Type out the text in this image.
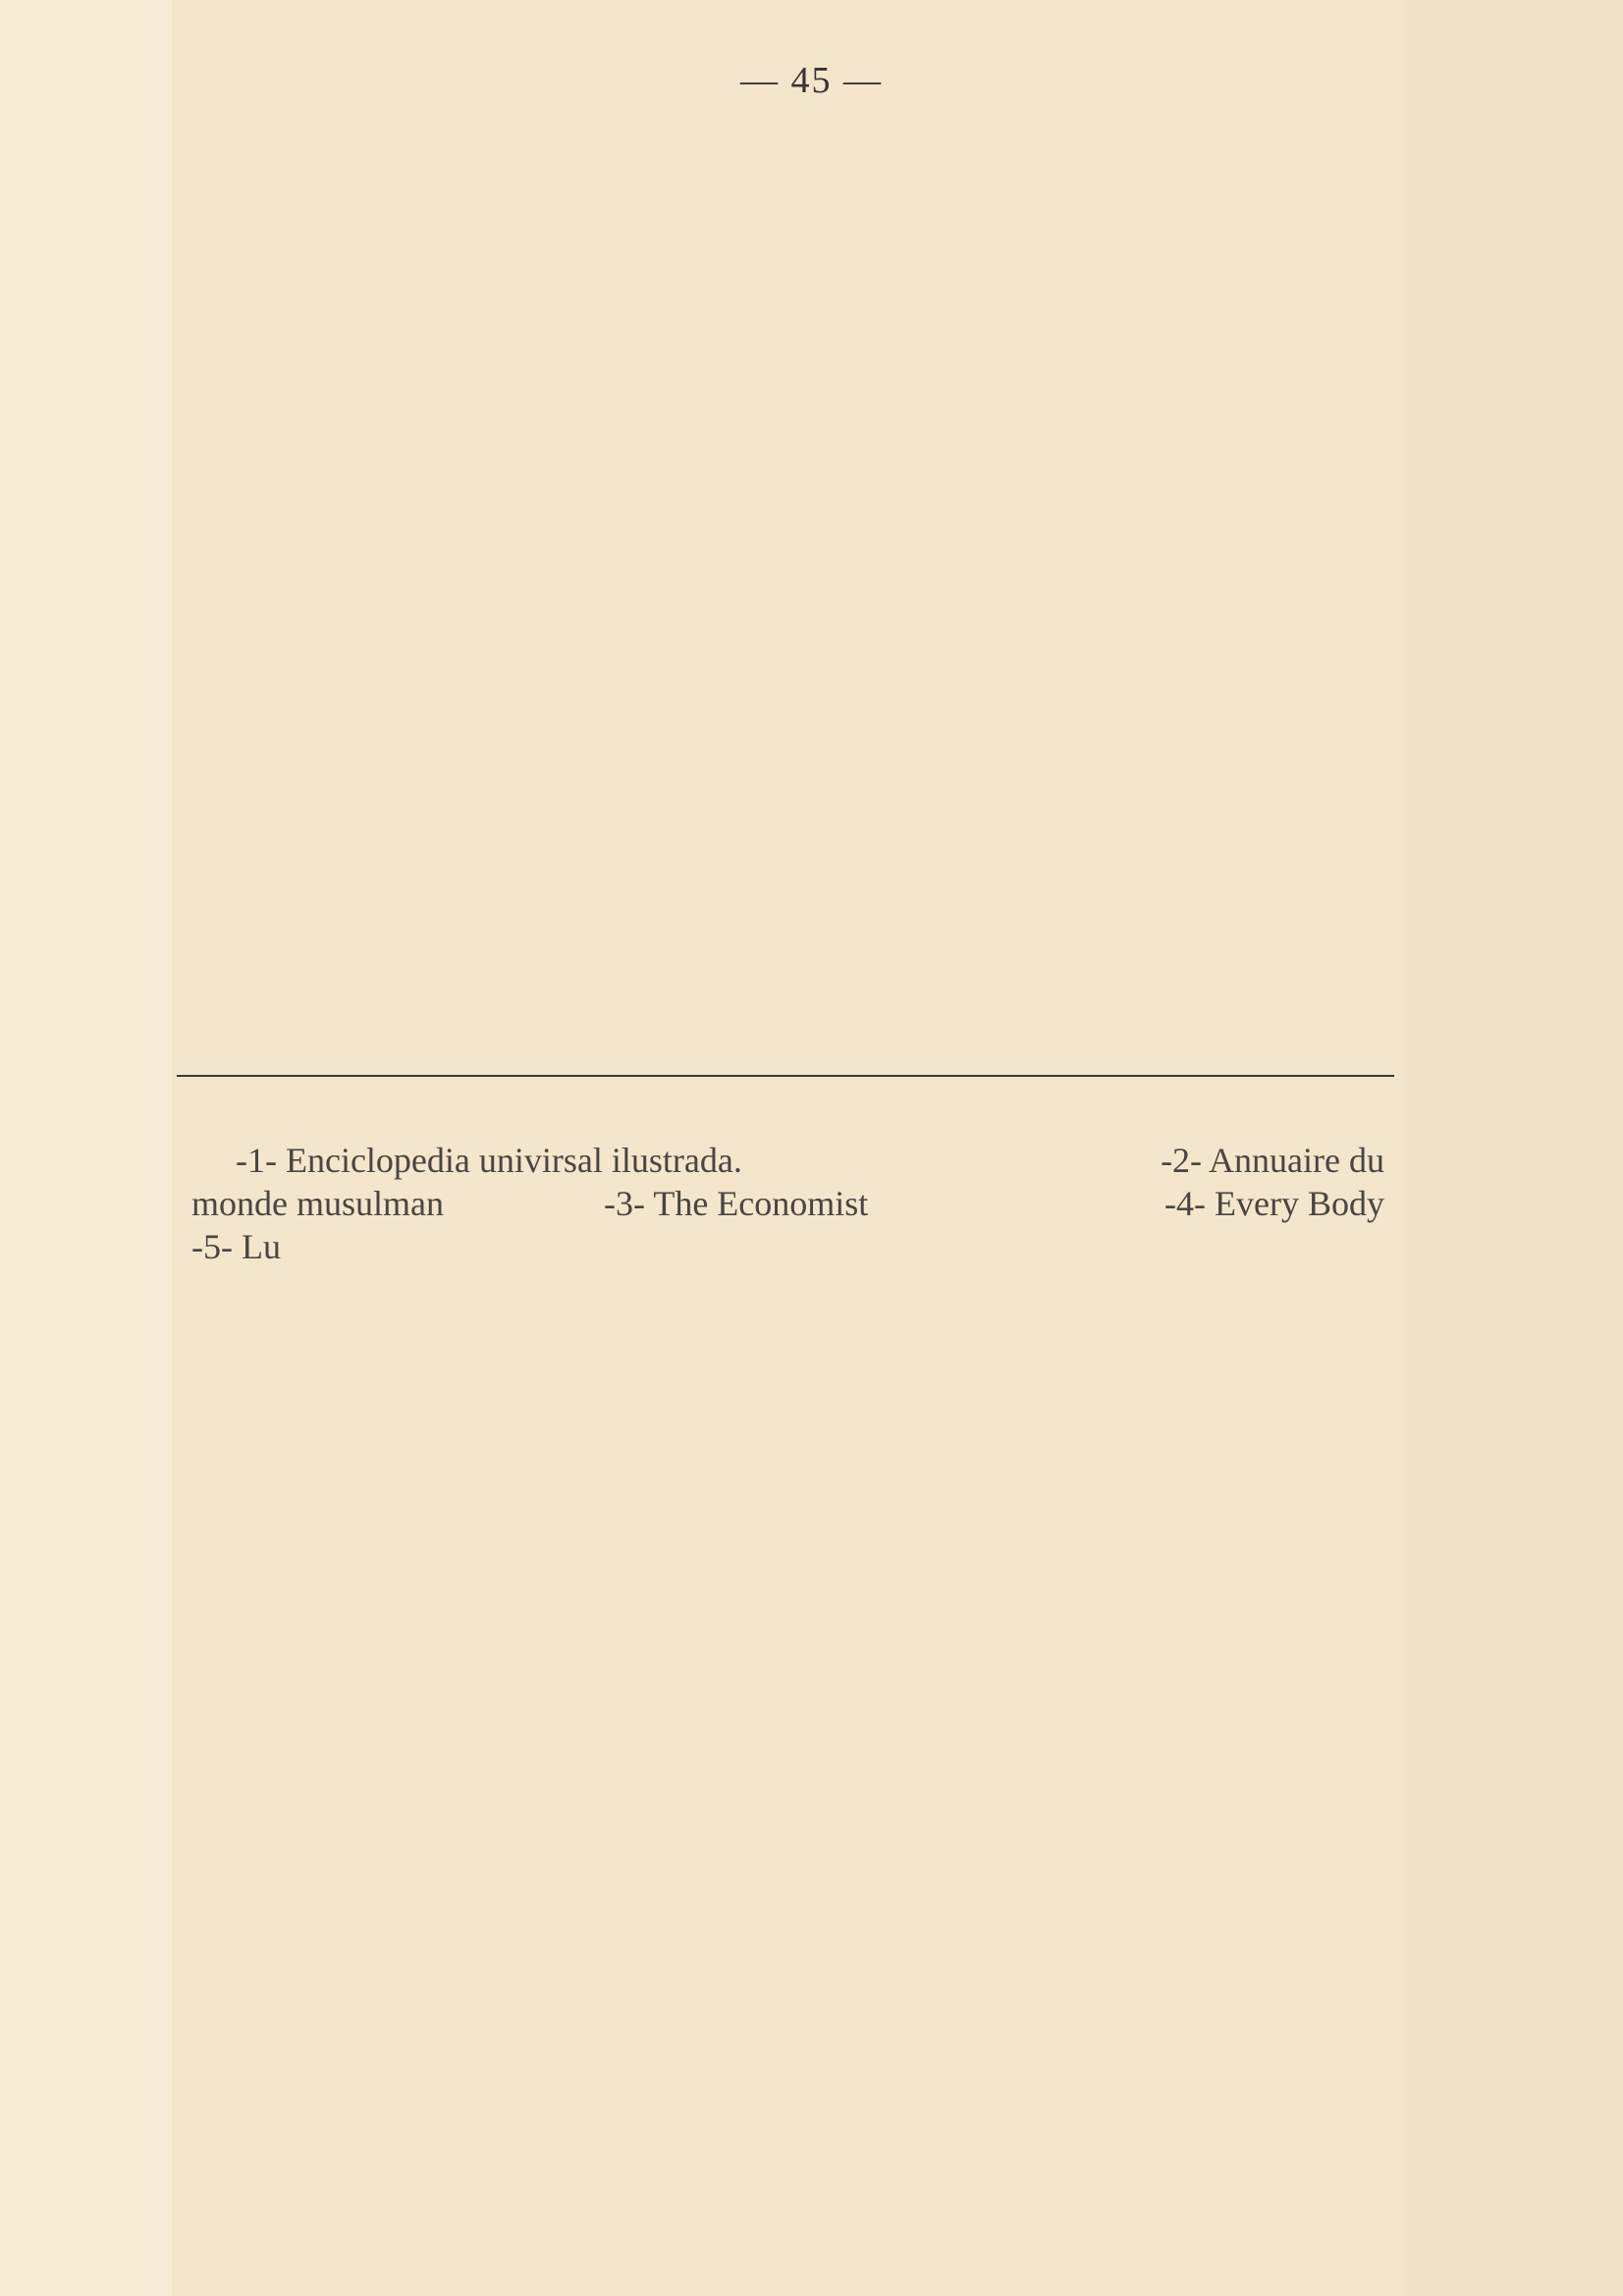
— 45 —
-1- Enciclopedia univirsal ilustrada.	-2- Annuaire du
monde musulman	-3- The Economist	-4- Every Body
-5- Lu
